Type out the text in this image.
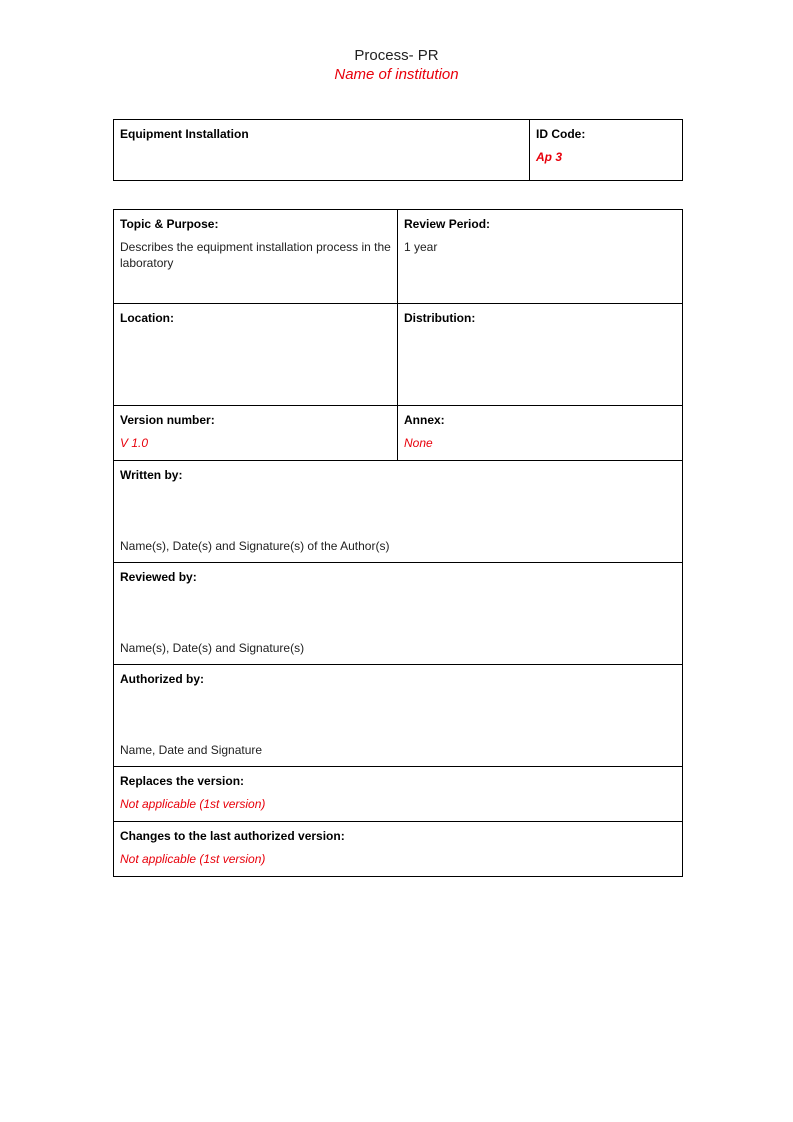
Process- PR
Name of institution
Equipment Installation	ID Code:
Ap 3
Topic & Purpose:
Describes the equipment installation process in the laboratory	Review Period:
1 year

Location:	Distribution:

Version number:
V 1.0	Annex:
None

Written by:
Name(s), Date(s) and Signature(s) of the Author(s)	

Reviewed by:
Name(s), Date(s) and Signature(s)	

Authorized by:
Name, Date and Signature	

Replaces the version:
Not applicable (1st version)	

Changes to the last authorized version:
Not applicable (1st version)	
